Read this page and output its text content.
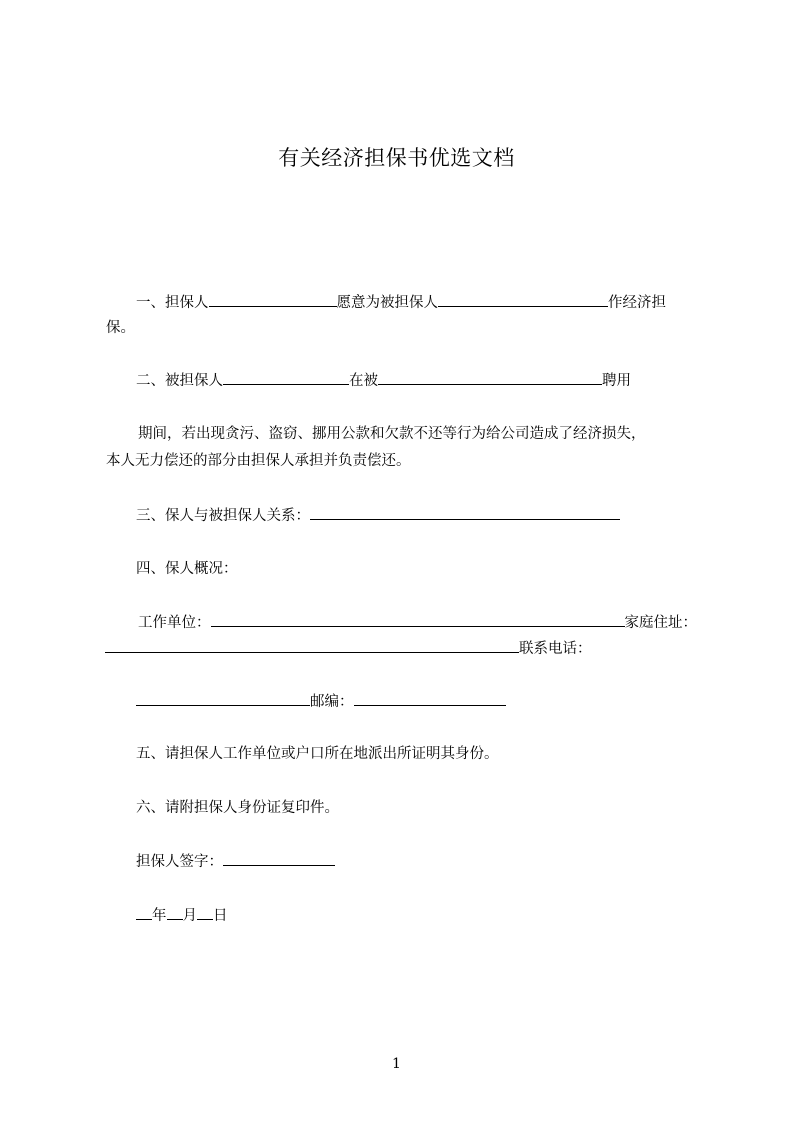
有关经济担保书优选文档
一、担保人	愿意为被担保人	作经济担
保。
二、被担保人	在被	聘用
期间，若出现贪污、盗窃、挪用公款和欠款不还等行为给公司造成了经济损失，
本人无力偿还的部分由担保人承担并负责偿还。
三、保人与被担保人关系：
四、保人概况：
工作单位：	家庭住址：
联系电话：
邮编：
五、请担保人工作单位或户口所在地派出所证明其身份。
六、请附担保人身份证复印件。
担保人签字：
年 月 日
1
